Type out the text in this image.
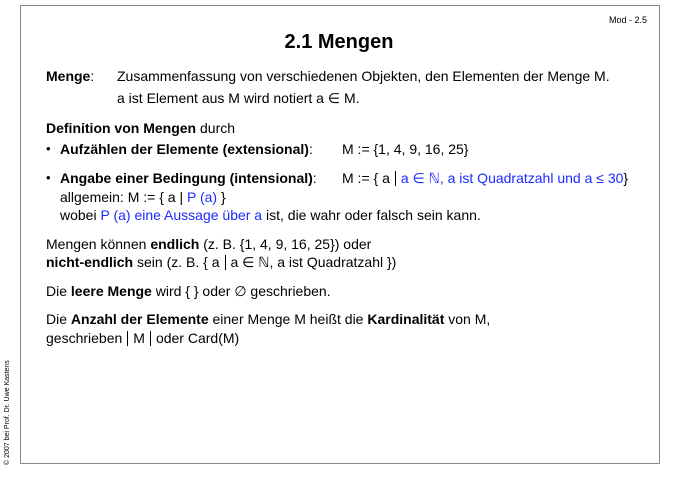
Mod - 2.5
2.1 Mengen
Menge: Zusammenfassung von verschiedenen Objekten, den Elementen der Menge M.
a ist Element aus M wird notiert a ∈ M.
Definition von Mengen durch
• Aufzählen der Elemente (extensional): M := {1, 4, 9, 16, 25}
• Angabe einer Bedingung (intensional): M := { a a ∈ ℕ, a ist Quadratzahl und a ≤ 30}
allgemein: M := { a | P (a) }
wobei P (a) eine Aussage über a ist, die wahr oder falsch sein kann.
Mengen können endlich (z. B. {1, 4, 9, 16, 25}) oder
nicht-endlich sein (z. B. { a a ∈ ℕ, a ist Quadratzahl })
Die leere Menge wird { } oder ∅ geschrieben.
Die Anzahl der Elemente einer Menge M heißt die Kardinalität von M,
geschrieben M oder Card(M)
© 2007 bei Prof. Dr. Uwe Kastens
